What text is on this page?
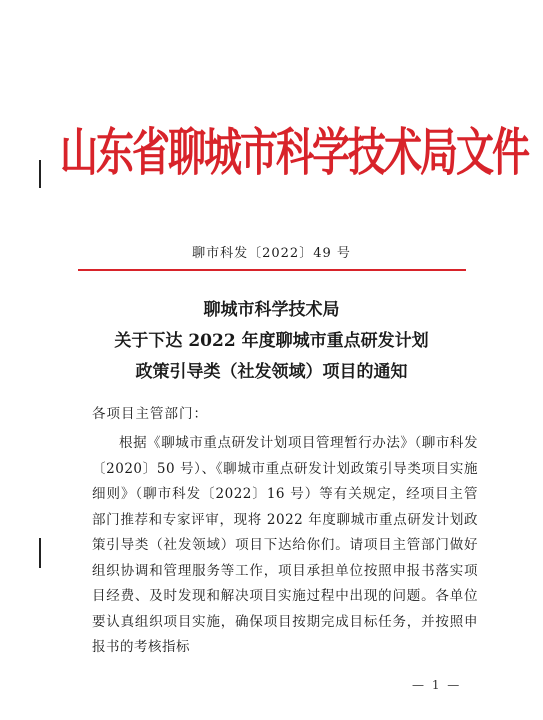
山东省聊城市科学技术局文件
聊市科发〔2022〕49 号
聊城市科学技术局
关于下达 2022 年度聊城市重点研发计划
政策引导类（社发领域）项目的通知
各项目主管部门：

根据《聊城市重点研发计划项目管理暂行办法》（聊市科发〔2020〕50 号）、《聊城市重点研发计划政策引导类项目实施细则》（聊市科发〔2022〕16 号）等有关规定，经项目主管部门推荐和专家评审，现将 2022 年度聊城市重点研发计划政策引导类（社发领域）项目下达给你们。请项目主管部门做好组织协调和管理服务等工作，项目承担单位按照申报书落实项目经费、及时发现和解决项目实施过程中出现的问题。各单位要认真组织项目实施，确保项目按期完成目标任务，并按照申报书的考核指标

— 1 —
